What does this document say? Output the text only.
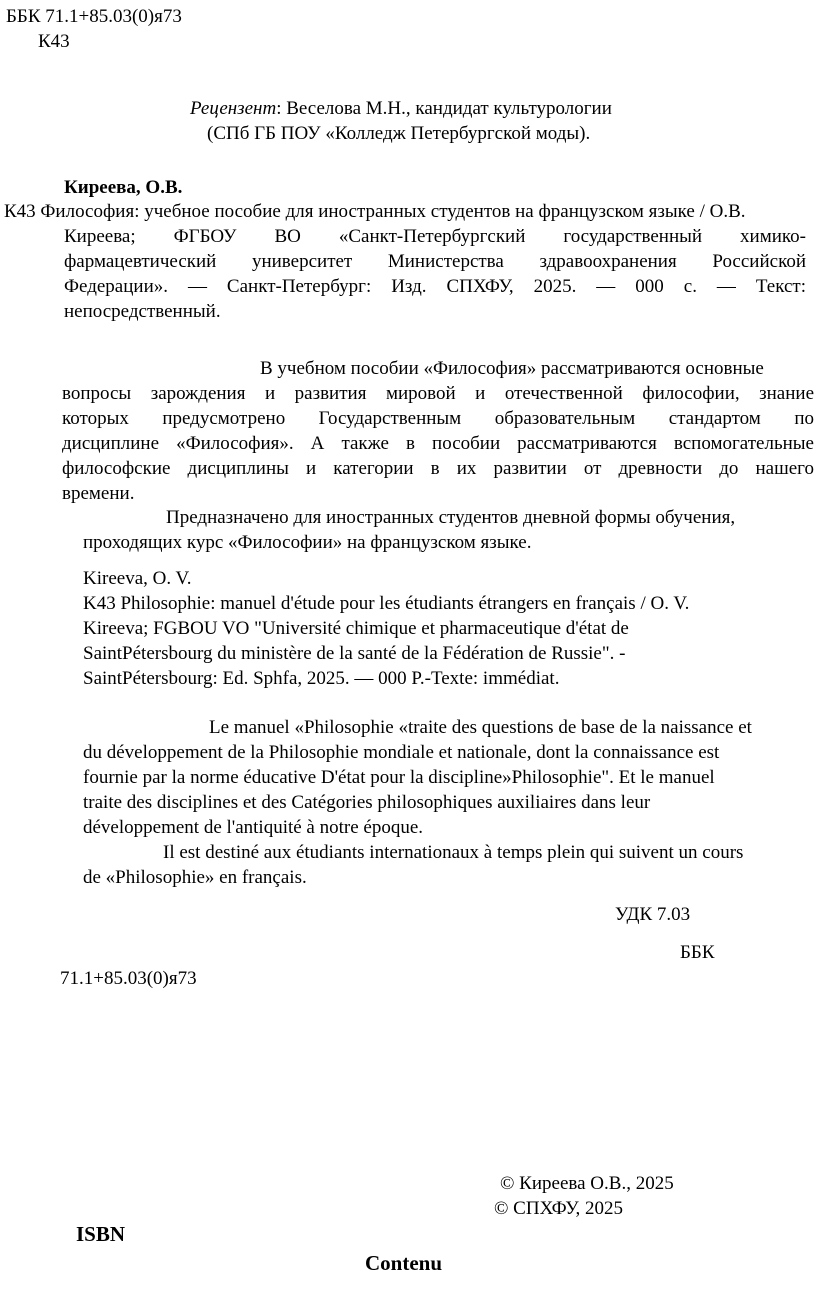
ББК 71.1+85.03(0)я73
К43
Рецензент: Веселова М.Н., кандидат культурологии
(СПб ГБ ПОУ «Колледж Петербургской моды).
Киреева, О.В.
К43 Философия: учебное пособие для иностранных студентов на французском языке / О.В.
Киреева; ФГБОУ ВО «Санкт-Петербургский государственный химико-
фармацевтический университет Министерства здравоохранения Российской
Федерации». — Санкт-Петербург: Изд. СПХФУ, 2025. — 000 с. — Текст:
непосредственный.
В учебном пособии «Философия» рассматриваются основные
вопросы зарождения и развития мировой и отечественной философии, знание
которых предусмотрено Государственным образовательным стандартом по
дисциплине «Философия». А также в пособии рассматриваются вспомогательные
философские дисциплины и категории в их развитии от древности до нашего
времени.
Предназначено для иностранных студентов дневной формы обучения,
проходящих курс «Философии» на французском языке.
Kireeva, O. V.
K43 Philosophie: manuel d'étude pour les étudiants étrangers en français / O. V.
Kireeva; FGBOU VO "Université chimique et pharmaceutique d'état de
SaintPétersbourg du ministère de la santé de la Fédération de Russie". -
SaintPétersbourg: Ed. Sphfa, 2025. — 000 P.-Texte: immédiat.
Le manuel «Philosophie «traite des questions de base de la naissance et
du développement de la Philosophie mondiale et nationale, dont la connaissance est
fournie par la norme éducative D'état pour la discipline»Philosophie". Et le manuel
traite des disciplines et des Catégories philosophiques auxiliaires dans leur
développement de l'antiquité à notre époque.
Il est destiné aux étudiants internationaux à temps plein qui suivent un cours
de «Philosophie» en français.
УДК 7.03
ББК
71.1+85.03(0)я73
© Киреева О.В., 2025
© СПХФУ, 2025
ISBN
Contenu
